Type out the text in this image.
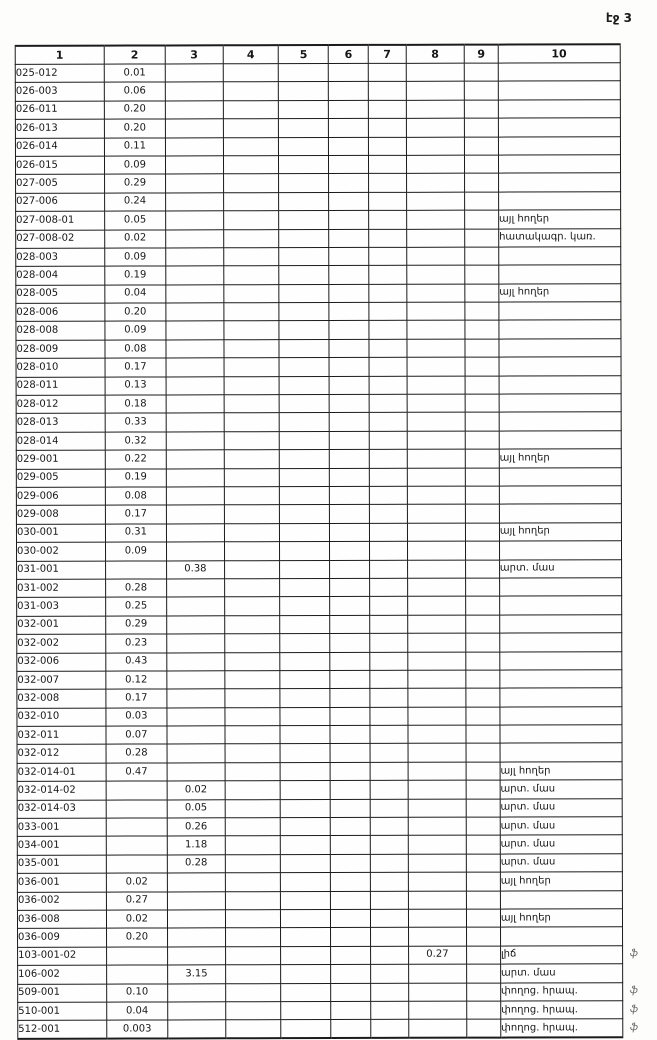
էջ 3
1	2	3	4	5	6	7	8	9	10	
025-012	0.01									
026-003	0.06									
026-011	0.20									
026-013	0.20									
026-014	0.11									
026-015	0.09									
027-005	0.29									
027-006	0.24									
027-008-01	0.05								այլ հողեր	
027-008-02	0.02								հատակագր. կառ.	
028-003	0.09									
028-004	0.19									
028-005	0.04								այլ հողեր	
028-006	0.20									
028-008	0.09									
028-009	0.08									
028-010	0.17									
028-011	0.13									
028-012	0.18									
028-013	0.33									
028-014	0.32									
029-001	0.22								այլ հողեր	
029-005	0.19									
029-006	0.08									
029-008	0.17									
030-001	0.31								այլ հողեր	
030-002	0.09									
031-001		0.38							արտ. մաս	
031-002	0.28									
031-003	0.25									
032-001	0.29									
032-002	0.23									
032-006	0.43									
032-007	0.12									
032-008	0.17									
032-010	0.03									
032-011	0.07									
032-012	0.28									
032-014-01	0.47								այլ հողեր	
032-014-02		0.02							արտ. մաս	
032-014-03		0.05							արտ. մաս	
033-001		0.26							արտ. մաս	
034-001		1.18							արտ. մաս	
035-001		0.28							արտ. մաս	
036-001	0.02								այլ հողեր	
036-002	0.27									
036-008	0.02								այլ հողեր	
036-009	0.20									
103-001-02							0.27		լիճ	ֆ
106-002		3.15							արտ. մաս	
509-001	0.10								փողոց. հրապ.	ֆ
510-001	0.04								փողոց. հրապ.	ֆ
512-001	0.003								փողոց. հրապ.	ֆ
